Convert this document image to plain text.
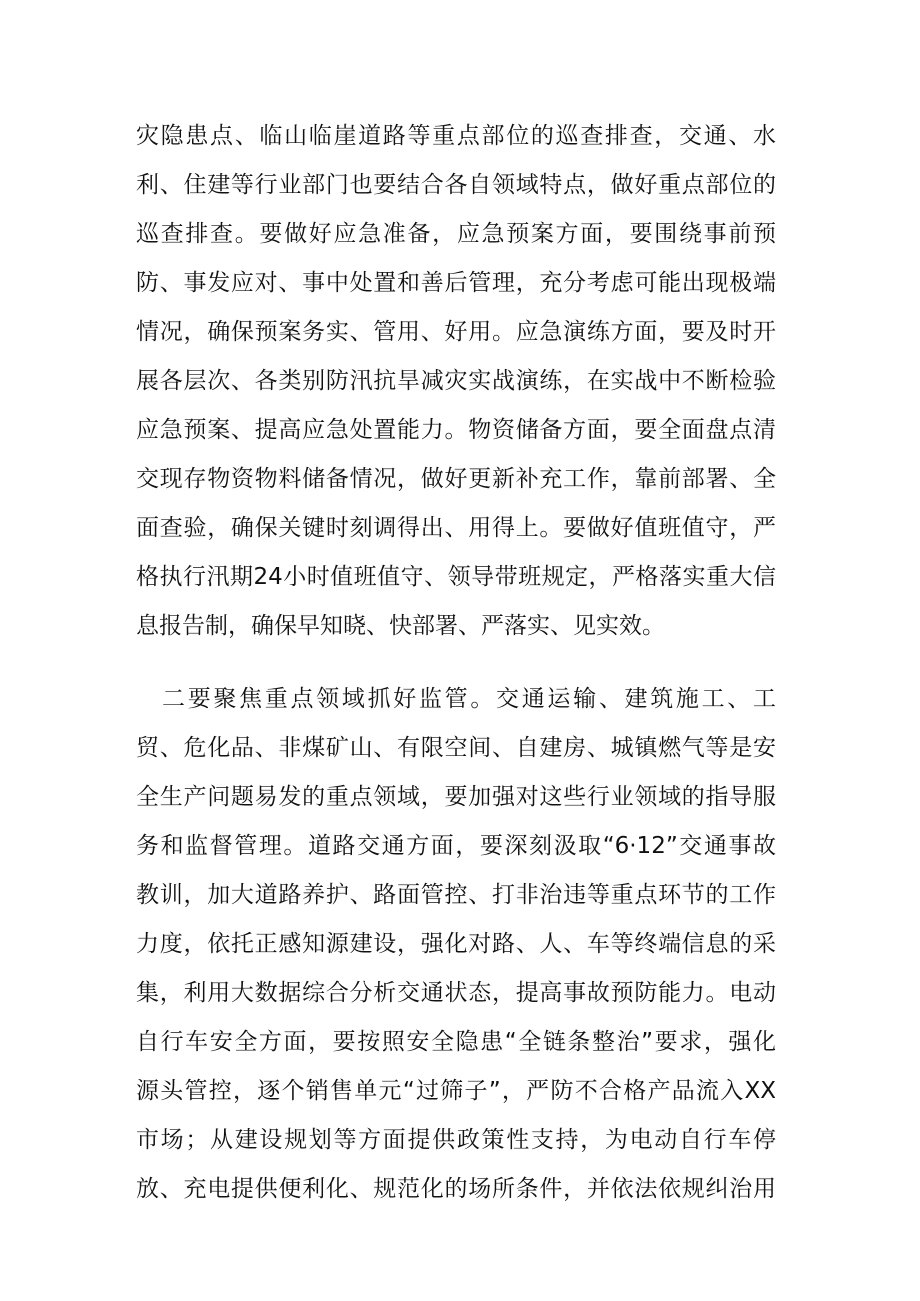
灾隐患点、临山临崖道路等重点部位的巡查排查，交通、水
利、住建等行业部门也要结合各自领域特点，做好重点部位的
巡查排查。要做好应急准备，应急预案方面，要围绕事前预
防、事发应对、事中处置和善后管理，充分考虑可能出现极端
情况，确保预案务实、管用、好用。应急演练方面，要及时开
展各层次、各类别防汛抗旱减灾实战演练，在实战中不断检验
应急预案、提高应急处置能力。物资储备方面，要全面盘点清
交现存物资物料储备情况，做好更新补充工作，靠前部署、全
面查验，确保关键时刻调得出、用得上。要做好值班值守，严
格执行汛期24小时值班值守、领导带班规定，严格落实重大信
息报告制，确保早知晓、快部署、严落实、见实效。
二要聚焦重点领域抓好监管。交通运输、建筑施工、工
贸、危化品、非煤矿山、有限空间、自建房、城镇燃气等是安
全生产问题易发的重点领域，要加强对这些行业领域的指导服
务和监督管理。道路交通方面，要深刻汲取“6·12”交通事故
教训，加大道路养护、路面管控、打非治违等重点环节的工作
力度，依托正感知源建设，强化对路、人、车等终端信息的采
集，利用大数据综合分析交通状态，提高事故预防能力。电动
自行车安全方面，要按照安全隐患“全链条整治”要求，强化
源头管控，逐个销售单元“过筛子”，严防不合格产品流入XX
市场；从建设规划等方面提供政策性支持，为电动自行车停
放、充电提供便利化、规范化的场所条件，并依法依规纠治用
